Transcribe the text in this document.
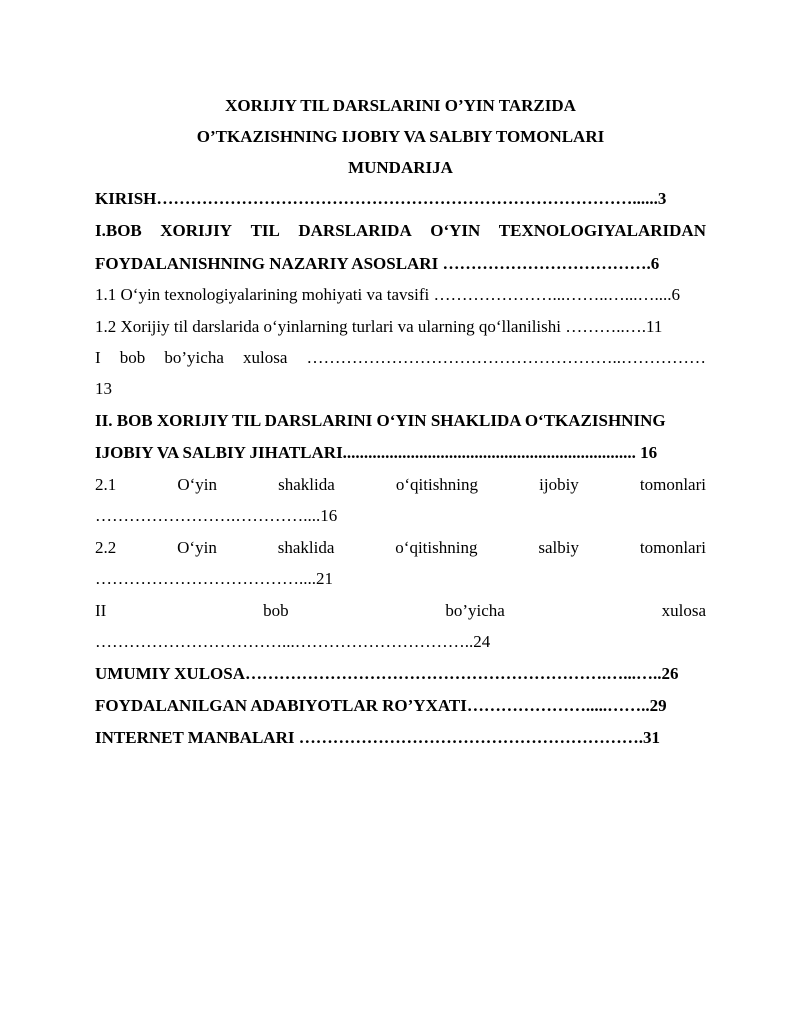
XORIJIY TIL DARSLARINI O’YIN TARZIDA
O’TKAZISHNING IJOBIY VA SALBIY TOMONLARI
MUNDARIJA
KIRISH…………………………………………………………………………......3
I.BOB XORIJIY TIL DARSLARIDA O‘YIN TEXNOLOGIYALARIDAN
FOYDALANISHNING NAZARIY ASOSLARI ……………………………….6
1.1 O‘yin texnologiyalarining mohiyati va tavsifi …………………...……..…...…....6
1.2 Xorijiy til darslarida o‘yinlarning turlari va ularning qo‘llanilishi ………..….11
I bob bo’yicha xulosa ………………………………………………..……………
13
II. BOB XORIJIY TIL DARSLARINI O‘YIN SHAKLIDA O‘TKAZISHNING
IJOBIY VA SALBIY JIHATLARI..................................................................... 16
2.1	O‘yin	shaklida	o‘qitishning	ijobiy	tomonlari
…………………….…………....16
2.2	O‘yin	shaklida	o‘qitishning	salbiy	tomonlari
………………………………....21
II	bob	bo’yicha	xulosa
……………………………...…………………………..24
UMUMIY XULOSA……………………………………………………….…...…..26
FOYDALANILGAN ADABIYOTLAR RO’YXATI………………….....……..29
INTERNET MANBALARI …………………………………………………….31
